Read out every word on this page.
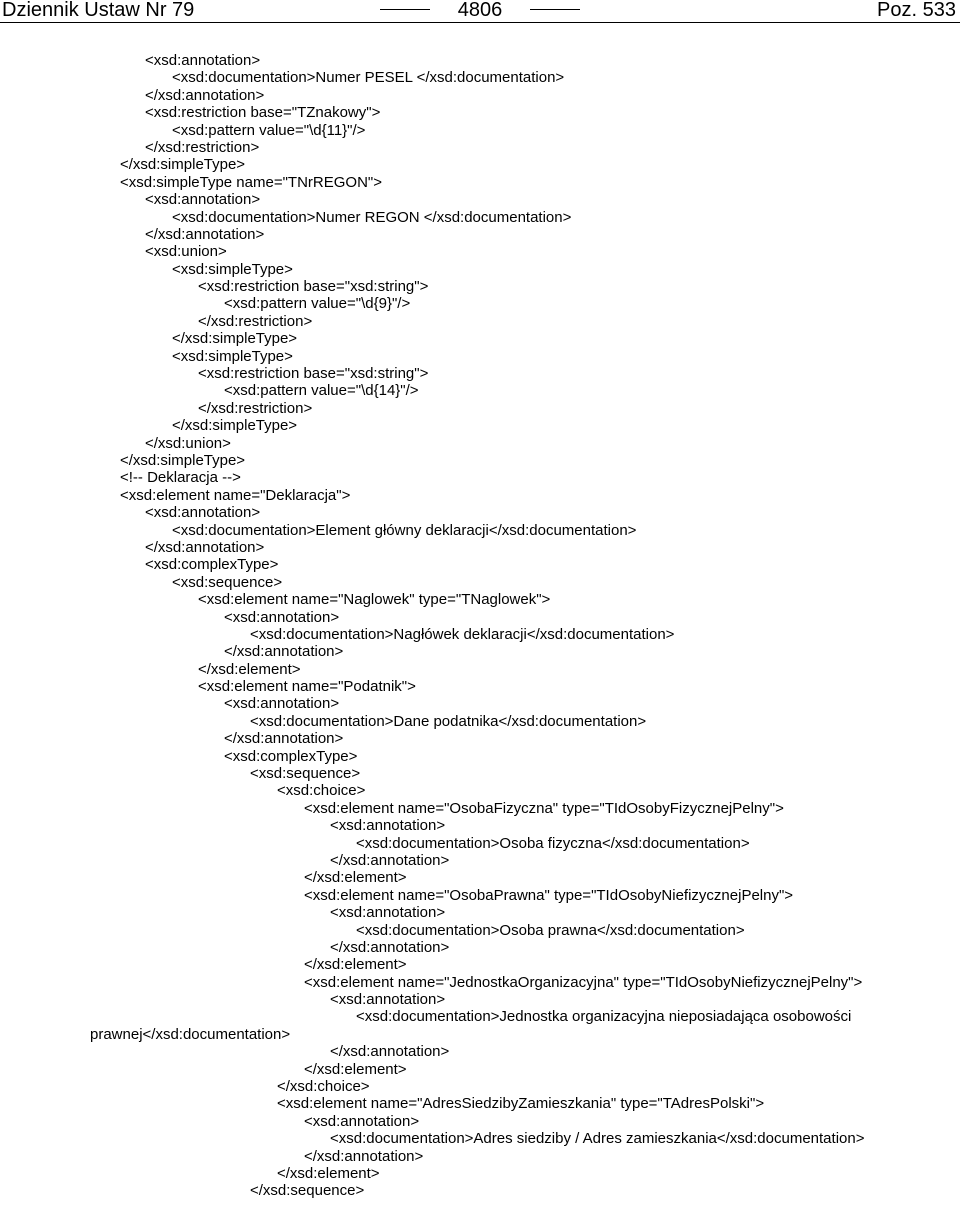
Dziennik Ustaw Nr 79	4806	Poz. 533
<xsd:annotation>
<xsd:documentation>Numer PESEL </xsd:documentation>
</xsd:annotation>
<xsd:restriction base="TZnakowy">
<xsd:pattern value="\d{11}"/>
</xsd:restriction>
</xsd:simpleType>
<xsd:simpleType name="TNrREGON">
<xsd:annotation>
<xsd:documentation>Numer REGON </xsd:documentation>
</xsd:annotation>
<xsd:union>
<xsd:simpleType>
<xsd:restriction base="xsd:string">
<xsd:pattern value="\d{9}"/>
</xsd:restriction>
</xsd:simpleType>
<xsd:simpleType>
<xsd:restriction base="xsd:string">
<xsd:pattern value="\d{14}"/>
</xsd:restriction>
</xsd:simpleType>
</xsd:union>
</xsd:simpleType>
<!-- Deklaracja -->
<xsd:element name="Deklaracja">
<xsd:annotation>
<xsd:documentation>Element główny deklaracji</xsd:documentation>
</xsd:annotation>
<xsd:complexType>
<xsd:sequence>
<xsd:element name="Naglowek" type="TNaglowek">
<xsd:annotation>
<xsd:documentation>Nagłówek deklaracji</xsd:documentation>
</xsd:annotation>
</xsd:element>
<xsd:element name="Podatnik">
<xsd:annotation>
<xsd:documentation>Dane podatnika</xsd:documentation>
</xsd:annotation>
<xsd:complexType>
<xsd:sequence>
<xsd:choice>
<xsd:element name="OsobaFizyczna" type="TIdOsobyFizycznejPelny">
<xsd:annotation>
<xsd:documentation>Osoba fizyczna</xsd:documentation>
</xsd:annotation>
</xsd:element>
<xsd:element name="OsobaPrawna" type="TIdOsobyNiefizycznejPelny">
<xsd:annotation>
<xsd:documentation>Osoba prawna</xsd:documentation>
</xsd:annotation>
</xsd:element>
<xsd:element name="JednostkaOrganizacyjna" type="TIdOsobyNiefizycznejPelny">
<xsd:annotation>
<xsd:documentation>Jednostka organizacyjna nieposiadająca osobowości
prawnej</xsd:documentation>
</xsd:annotation>
</xsd:element>
</xsd:choice>
<xsd:element name="AdresSiedzibyZamieszkania" type="TAdresPolski">
<xsd:annotation>
<xsd:documentation>Adres siedziby / Adres zamieszkania</xsd:documentation>
</xsd:annotation>
</xsd:element>
</xsd:sequence>
